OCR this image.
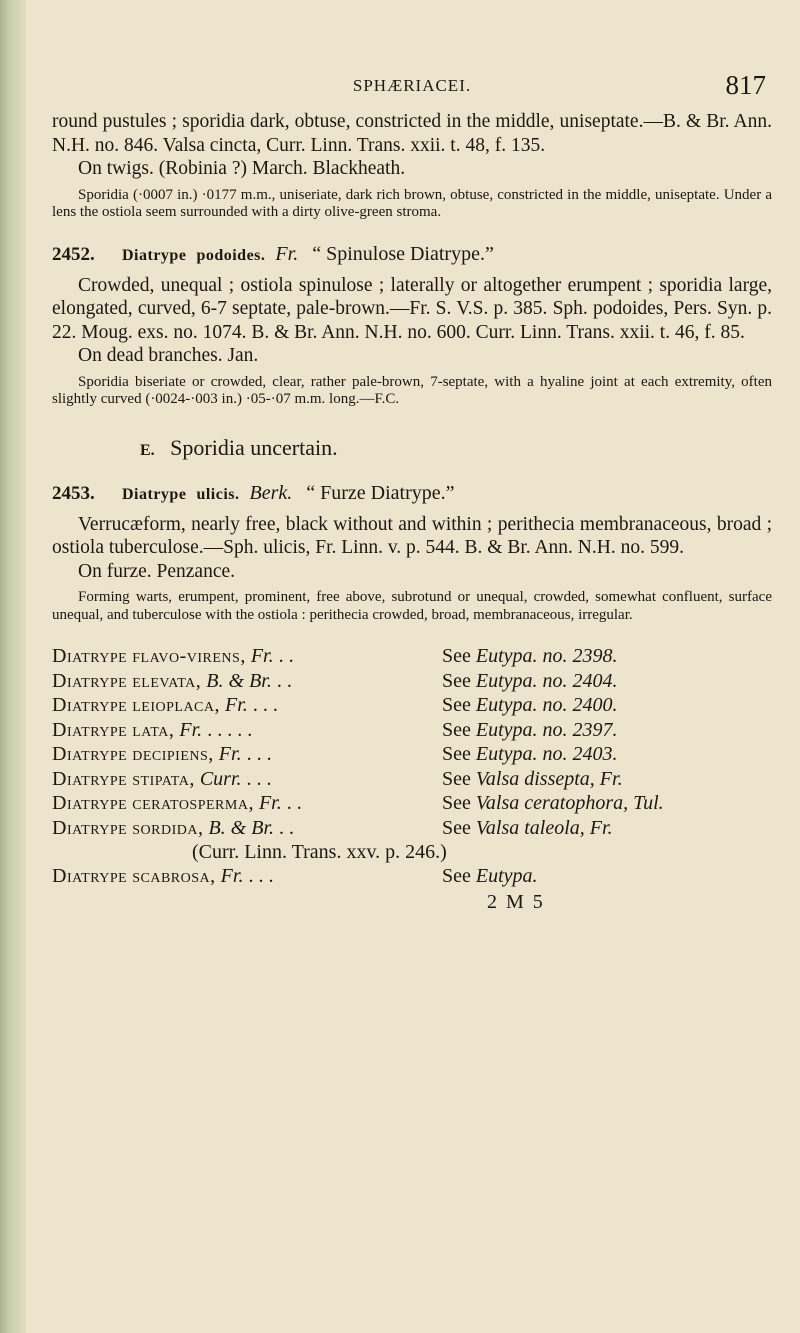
SPHÆRIACEI.	817

round pustules ; sporidia dark, obtuse, constricted in the middle, uniseptate.—B. & Br. Ann. N.H. no. 846. Valsa cincta, Curr. Linn. Trans. xxii. t. 48, f. 135.

On twigs. (Robinia ?) March. Blackheath.

Sporidia (·0007 in.) ·0177 m.m., uniseriate, dark rich brown, obtuse, constricted in the middle, uniseptate. Under a lens the ostiola seem surrounded with a dirty olive-green stroma.

2452.	Diatrype podoides. Fr. “ Spinulose Diatrype.”

Crowded, unequal ; ostiola spinulose ; laterally or altogether erumpent ; sporidia large, elongated, curved, 6-7 septate, pale-brown.—Fr. S. V.S. p. 385. Sph. podoides, Pers. Syn. p. 22. Moug. exs. no. 1074. B. & Br. Ann. N.H. no. 600. Curr. Linn. Trans. xxii. t. 46, f. 85.

On dead branches. Jan.

Sporidia biseriate or crowded, clear, rather pale-brown, 7-septate, with a hyaline joint at each extremity, often slightly curved (·0024-·003 in.) ·05-·07 m.m. long.—F.C.

E. Sporidia uncertain.
2453.	Diatrype ulicis. Berk. “ Furze Diatrype.”

Verrucæform, nearly free, black without and within ; perithecia membranaceous, broad ; ostiola tuberculose.—Sph. ulicis, Fr. Linn. v. p. 544. B. & Br. Ann. N.H. no. 599.

On furze. Penzance.

Forming warts, erumpent, prominent, free above, subrotund or unequal, crowded, somewhat confluent, surface unequal, and tuberculose with the ostiola : perithecia crowded, broad, membranaceous, irregular.

Diatrype flavo-virens, Fr. . .	See Eutypa. no. 2398.
Diatrype elevata, B. & Br. . .	See Eutypa. no. 2404.
Diatrype leioplaca, Fr. . . .	See Eutypa. no. 2400.
Diatrype lata, Fr. . . . . .	See Eutypa. no. 2397.
Diatrype decipiens, Fr. . . .	See Eutypa. no. 2403.
Diatrype stipata, Curr. . . .	See Valsa dissepta, Fr.
Diatrype ceratosperma, Fr. . .	See Valsa ceratophora, Tul.
Diatrype sordida, B. & Br. . .	See Valsa taleola, Fr.
(Curr. Linn. Trans. xxv. p. 246.)
Diatrype scabrosa, Fr. . . .	See Eutypa.
2 M 5
